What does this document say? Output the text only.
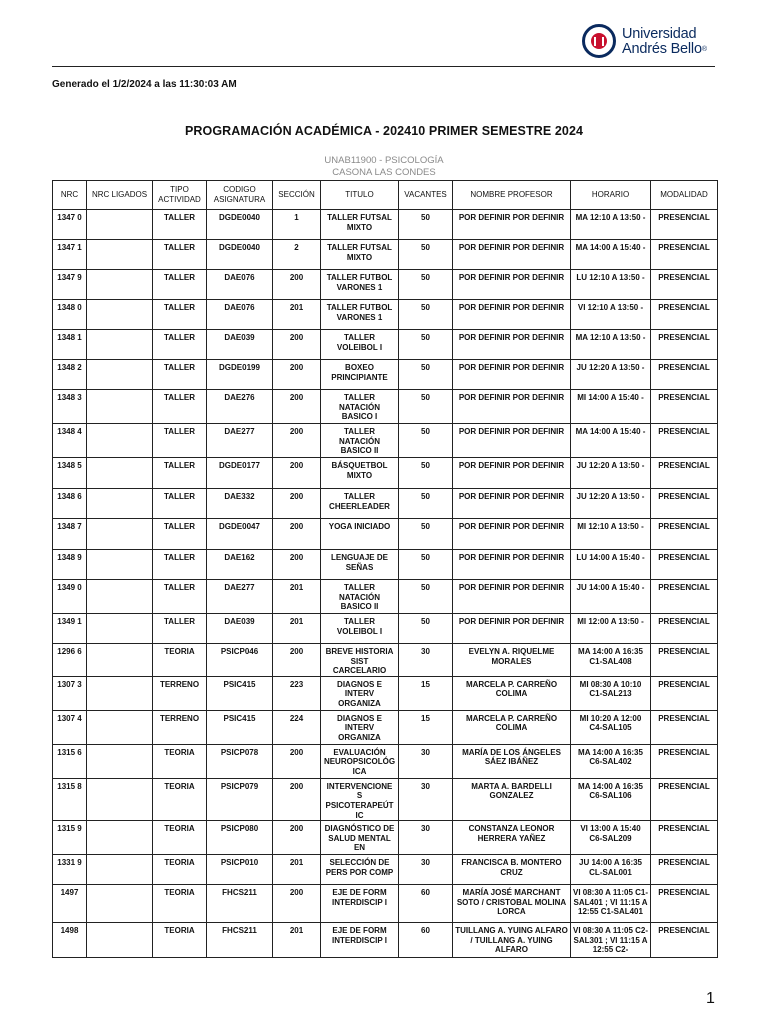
Universidad
Andrés Bello®
Generado el 1/2/2024 a las 11:30:03 AM
PROGRAMACIÓN ACADÉMICA - 202410 PRIMER SEMESTRE 2024
UNAB11900 - PSICOLOGÍA
CASONA LAS CONDES
NRC	NRC LIGADOS	TIPO ACTIVIDAD	CODIGO ASIGNATURA	SECCIÓN	TITULO	VACANTES	NOMBRE PROFESOR	HORARIO	MODALIDAD
1347 0		TALLER	DGDE0040	1	TALLER FUTSAL MIXTO	50	POR DEFINIR POR DEFINIR	MA 12:10 A 13:50 -	PRESENCIAL
1347 1		TALLER	DGDE0040	2	TALLER FUTSAL MIXTO	50	POR DEFINIR POR DEFINIR	MA 14:00 A 15:40 -	PRESENCIAL
1347 9		TALLER	DAE076	200	TALLER FUTBOL VARONES 1	50	POR DEFINIR POR DEFINIR	LU 12:10 A 13:50 -	PRESENCIAL
1348 0		TALLER	DAE076	201	TALLER FUTBOL VARONES 1	50	POR DEFINIR POR DEFINIR	VI 12:10 A 13:50 -	PRESENCIAL
1348 1		TALLER	DAE039	200	TALLER VOLEIBOL I	50	POR DEFINIR POR DEFINIR	MA 12:10 A 13:50 -	PRESENCIAL
1348 2		TALLER	DGDE0199	200	BOXEO PRINCIPIANTE	50	POR DEFINIR POR DEFINIR	JU 12:20 A 13:50 -	PRESENCIAL
1348 3		TALLER	DAE276	200	TALLER NATACIÓN BASICO I	50	POR DEFINIR POR DEFINIR	MI 14:00 A 15:40 -	PRESENCIAL
1348 4		TALLER	DAE277	200	TALLER NATACIÓN BASICO II	50	POR DEFINIR POR DEFINIR	MA 14:00 A 15:40 -	PRESENCIAL
1348 5		TALLER	DGDE0177	200	BÁSQUETBOL MIXTO	50	POR DEFINIR POR DEFINIR	JU 12:20 A 13:50 -	PRESENCIAL
1348 6		TALLER	DAE332	200	TALLER CHEERLEADER	50	POR DEFINIR POR DEFINIR	JU 12:20 A 13:50 -	PRESENCIAL
1348 7		TALLER	DGDE0047	200	YOGA INICIADO	50	POR DEFINIR POR DEFINIR	MI 12:10 A 13:50 -	PRESENCIAL
1348 9		TALLER	DAE162	200	LENGUAJE DE SEÑAS	50	POR DEFINIR POR DEFINIR	LU 14:00 A 15:40 -	PRESENCIAL
1349 0		TALLER	DAE277	201	TALLER NATACIÓN BASICO II	50	POR DEFINIR POR DEFINIR	JU 14:00 A 15:40 -	PRESENCIAL
1349 1		TALLER	DAE039	201	TALLER VOLEIBOL I	50	POR DEFINIR POR DEFINIR	MI 12:00 A 13:50 -	PRESENCIAL
1296 6		TEORIA	PSICP046	200	BREVE HISTORIA SIST CARCELARIO	30	EVELYN A. RIQUELME MORALES	MA 14:00 A 16:35 C1-SAL408	PRESENCIAL
1307 3		TERRENO	PSIC415	223	DIAGNOS E INTERV ORGANIZA	15	MARCELA P. CARREÑO COLIMA	MI 08:30 A 10:10 C1-SAL213	PRESENCIAL
1307 4		TERRENO	PSIC415	224	DIAGNOS E INTERV ORGANIZA	15	MARCELA P. CARREÑO COLIMA	MI 10:20 A 12:00 C4-SAL105	PRESENCIAL
1315 6		TEORIA	PSICP078	200	EVALUACIÓN NEUROPSICOLÓG ICA	30	MARÍA DE LOS ÁNGELES SÁEZ IBÁÑEZ	MA 14:00 A 16:35 C6-SAL402	PRESENCIAL
1315 8		TEORIA	PSICP079	200	INTERVENCIONE S PSICOTERAPEÚT IC	30	MARTA A. BARDELLI GONZALEZ	MA 14:00 A 16:35 C6-SAL106	PRESENCIAL
1315 9		TEORIA	PSICP080	200	DIAGNÓSTICO DE SALUD MENTAL EN	30	CONSTANZA LEONOR HERRERA YAÑEZ	VI 13:00 A 15:40 C6-SAL209	PRESENCIAL
1331 9		TEORIA	PSICP010	201	SELECCIÓN DE PERS POR COMP	30	FRANCISCA B. MONTERO CRUZ	JU 14:00 A 16:35 CL-SAL001	PRESENCIAL
1497		TEORIA	FHCS211	200	EJE DE FORM INTERDISCIP I	60	MARÍA JOSÉ MARCHANT SOTO / CRISTOBAL MOLINA LORCA	VI 08:30 A 11:05 C1-SAL401 ; VI 11:15 A 12:55 C1-SAL401	PRESENCIAL
1498		TEORIA	FHCS211	201	EJE DE FORM INTERDISCIP I	60	TUILLANG A. YUING ALFARO / TUILLANG A. YUING ALFARO	VI 08:30 A 11:05 C2-SAL301 ; VI 11:15 A 12:55 C2-	PRESENCIAL
1
